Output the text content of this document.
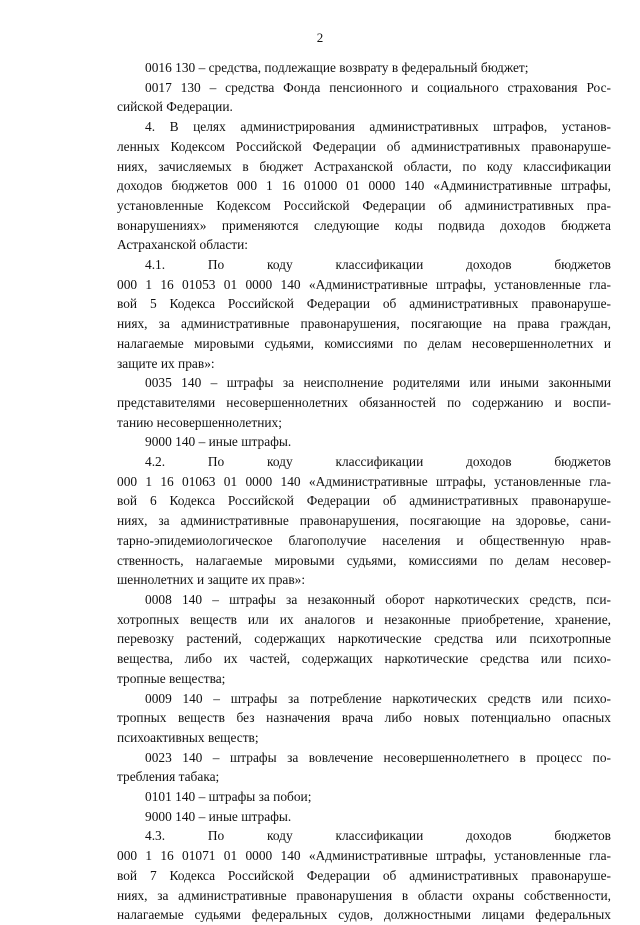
2

0016 130 – средства, подлежащие возврату в федеральный бюджет;

0017 130 – средства Фонда пенсионного и социального страхования Рос-
сийской Федерации.

4. В целях администрирования административных штрафов, установ-
ленных Кодексом Российской Федерации об административных правонаруше-
ниях, зачисляемых в бюджет Астраханской области, по коду классификации
доходов бюджетов 000 1 16 01000 01 0000 140 «Административные штрафы,
установленные Кодексом Российской Федерации об административных пра-
вонарушениях» применяются следующие коды подвида доходов бюджета
Астраханской области:

4.1. По коду классификации доходов бюджетов
000 1 16 01053 01 0000 140 «Административные штрафы, установленные гла-
вой 5 Кодекса Российской Федерации об административных правонаруше-
ниях, за административные правонарушения, посягающие на права граждан,
налагаемые мировыми судьями, комиссиями по делам несовершеннолетних и
защите их прав»:

0035 140 – штрафы за неисполнение родителями или иными законными
представителями несовершеннолетних обязанностей по содержанию и воспи-
танию несовершеннолетних;

9000 140 – иные штрафы.

4.2. По коду классификации доходов бюджетов
000 1 16 01063 01 0000 140 «Административные штрафы, установленные гла-
вой 6 Кодекса Российской Федерации об административных правонаруше-
ниях, за административные правонарушения, посягающие на здоровье, сани-
тарно-эпидемиологическое благополучие населения и общественную нрав-
ственность, налагаемые мировыми судьями, комиссиями по делам несовер-
шеннолетних и защите их прав»:

0008 140 – штрафы за незаконный оборот наркотических средств, пси-
хотропных веществ или их аналогов и незаконные приобретение, хранение,
перевозку растений, содержащих наркотические средства или психотропные
вещества, либо их частей, содержащих наркотические средства или психо-
тропные вещества;

0009 140 – штрафы за потребление наркотических средств или психо-
тропных веществ без назначения врача либо новых потенциально опасных
психоактивных веществ;

0023 140 – штрафы за вовлечение несовершеннолетнего в процесс по-
требления табака;

0101 140 – штрафы за побои;

9000 140 – иные штрафы.

4.3. По коду классификации доходов бюджетов
000 1 16 01071 01 0000 140 «Административные штрафы, установленные гла-
вой 7 Кодекса Российской Федерации об административных правонаруше-
ниях, за административные правонарушения в области охраны собственности,
налагаемые судьями федеральных судов, должностными лицами федеральных
